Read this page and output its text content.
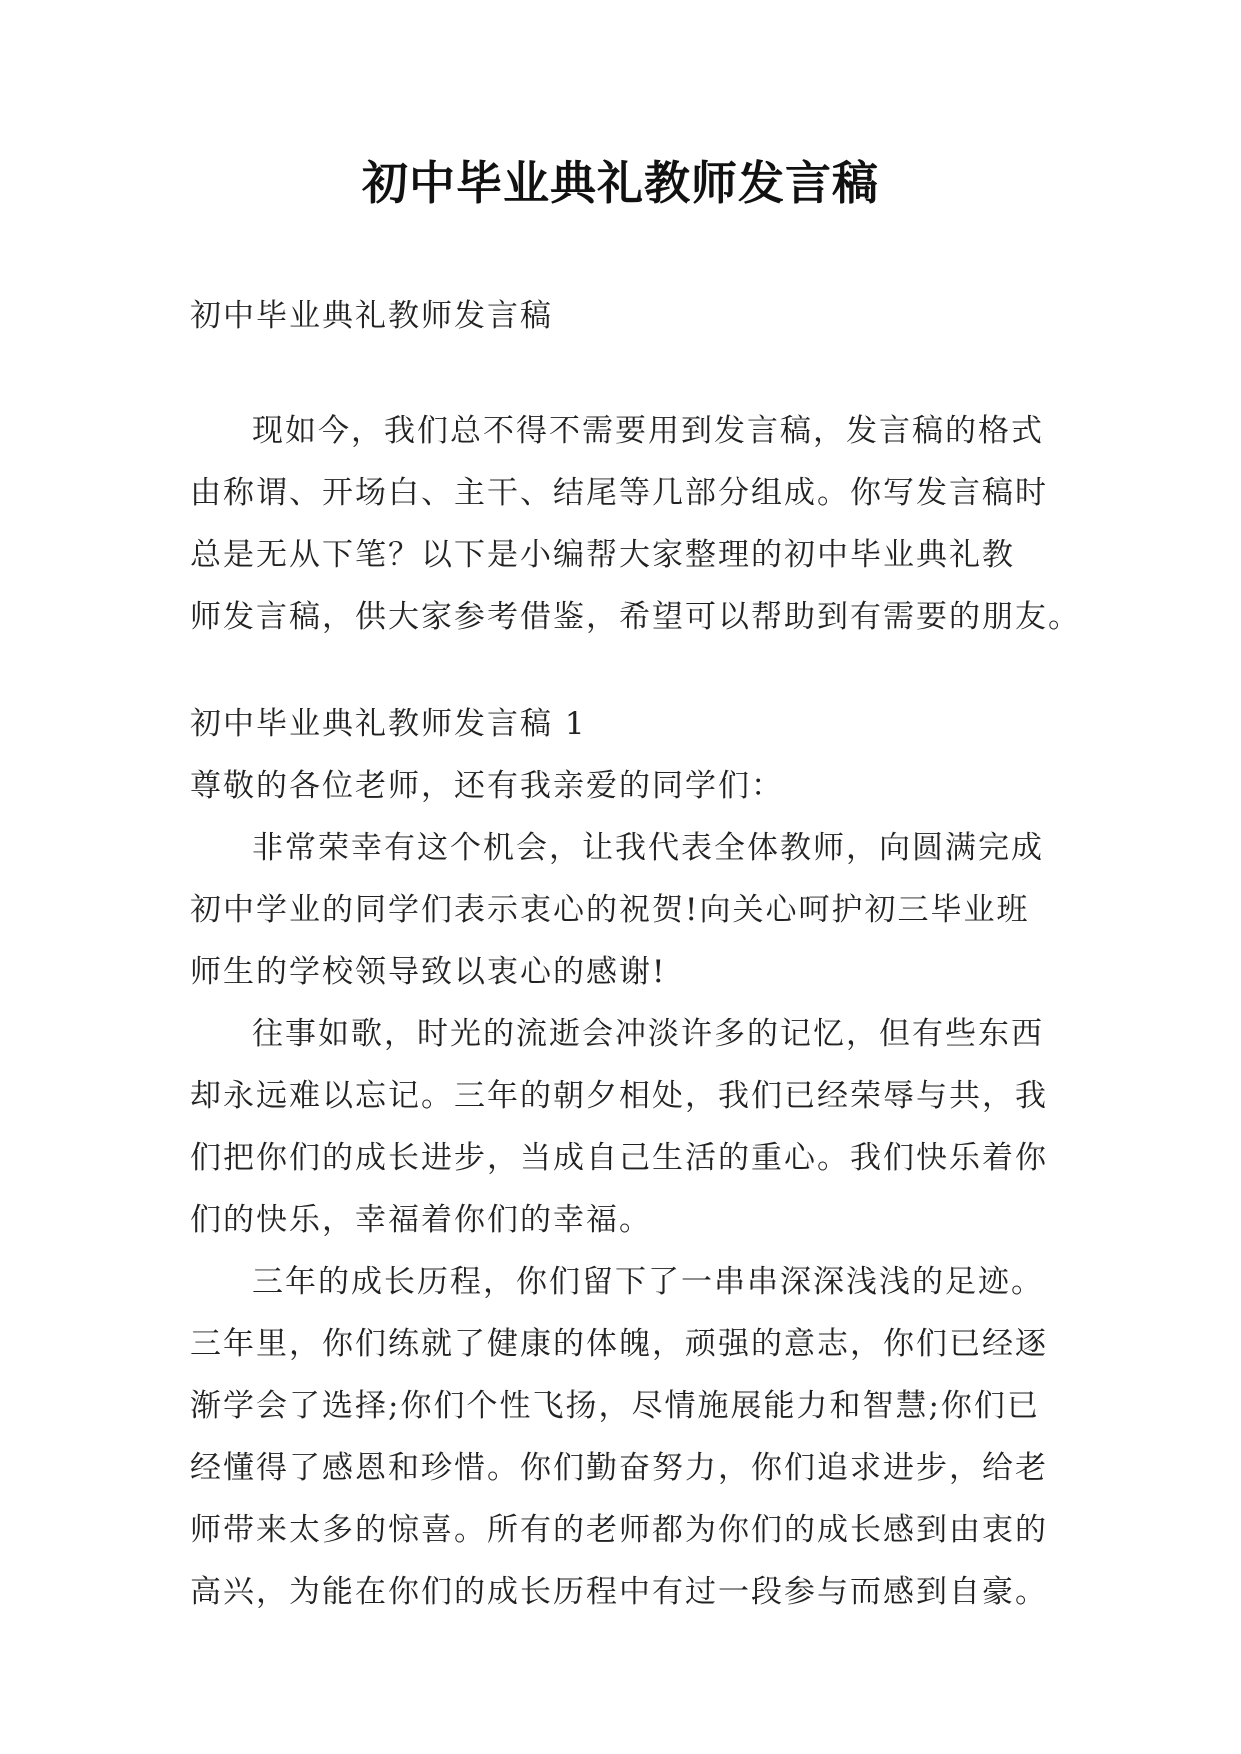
初中毕业典礼教师发言稿

初中毕业典礼教师发言稿

现如今，我们总不得不需要用到发言稿，发言稿的格式
由称谓、开场白、主干、结尾等几部分组成。你写发言稿时
总是无从下笔？以下是小编帮大家整理的初中毕业典礼教
师发言稿，供大家参考借鉴，希望可以帮助到有需要的朋友。

初中毕业典礼教师发言稿 1

尊敬的各位老师，还有我亲爱的同学们：

非常荣幸有这个机会，让我代表全体教师，向圆满完成
初中学业的同学们表示衷心的祝贺!向关心呵护初三毕业班
师生的学校领导致以衷心的感谢!
往事如歌，时光的流逝会冲淡许多的记忆，但有些东西
却永远难以忘记。三年的朝夕相处，我们已经荣辱与共，我
们把你们的成长进步，当成自己生活的重心。我们快乐着你
们的快乐，幸福着你们的幸福。
三年的成长历程，你们留下了一串串深深浅浅的足迹。
三年里，你们练就了健康的体魄，顽强的意志，你们已经逐
渐学会了选择;你们个性飞扬，尽情施展能力和智慧;你们已
经懂得了感恩和珍惜。你们勤奋努力，你们追求进步，给老
师带来太多的惊喜。所有的老师都为你们的成长感到由衷的
高兴，为能在你们的成长历程中有过一段参与而感到自豪。
